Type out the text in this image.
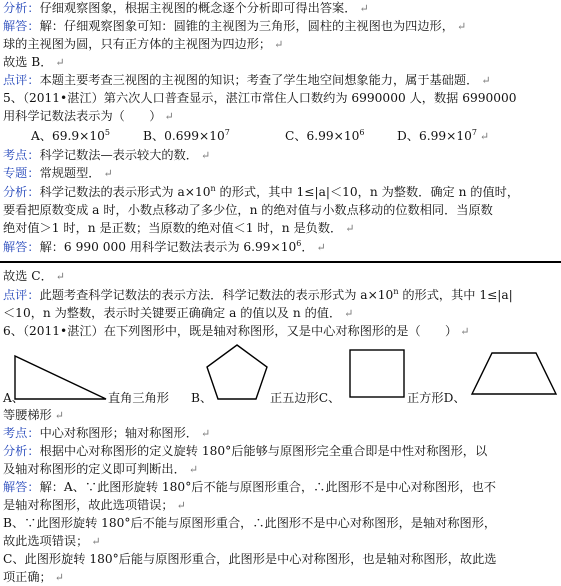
分析：仔细观察图象，根据主视图的概念逐个分析即可得出答案． ↵
解答：解：仔细观察图象可知：圆锥的主视图为三角形，圆柱的主视图也为四边形， ↵
球的主视图为圆，只有正方体的主视图为四边形； ↵
故选 B． ↵
点评：本题主要考查三视图的主视图的知识；考查了学生地空间想象能力，属于基础题． ↵
5、（2011•湛江）第六次人口普查显示，湛江市常住人口数约为 6990000 人，数据 6990000
用科学记数法表示为（　　） ↵
A、$69.9\times 10^5$	B、$0.699\times 10^7$	C、$6.99\times 10^6$	D、$6.99\times 10^7$ ↵
考点：科学记数法—表示较大的数． ↵
专题：常规题型． ↵
分析：科学记数法的表示形式为 $a\times 10^n$ 的形式，其中 1≤|a|＜10，n 为整数．确定 n 的值时，
要看把原数变成 a 时，小数点移动了多少位，n 的绝对值与小数点移动的位数相同．当原数
绝对值＞1 时，n 是正数；当原数的绝对值＜1 时，n 是负数． ↵
解答：解：6 990 000 用科学记数法表示为 $6.99\times 10^6$． ↵
故选 C． ↵
点评：此题考查科学记数法的表示方法．科学记数法的表示形式为 $a\times 10^n$ 的形式，其中 1≤|a|
＜10，n 为整数，表示时关键要正确确定 a 的值以及 n 的值． ↵
6、（2011•湛江）在下列图形中，既是轴对称图形，又是中心对称图形的是（　　） ↵
A、	直角三角形 B、	正五边形C、	正方形D、
等腰梯形 ↵
考点：中心对称图形；轴对称图形． ↵
分析：根据中心对称图形的定义旋转 180°后能够与原图形完全重合即是中性对称图形，以
及轴对称图形的定义即可判断出． ↵
解答：解：A、∵此图形旋转 180°后不能与原图形重合，∴此图形不是中心对称图形，也不
是轴对称图形，故此选项错误； ↵
B、∵此图形旋转 180°后不能与原图形重合，∴此图形不是中心对称图形，是轴对称图形，
故此选项错误； ↵
C、此图形旋转 180°后能与原图形重合，此图形是中心对称图形，也是轴对称图形，故此选
项正确； ↵
